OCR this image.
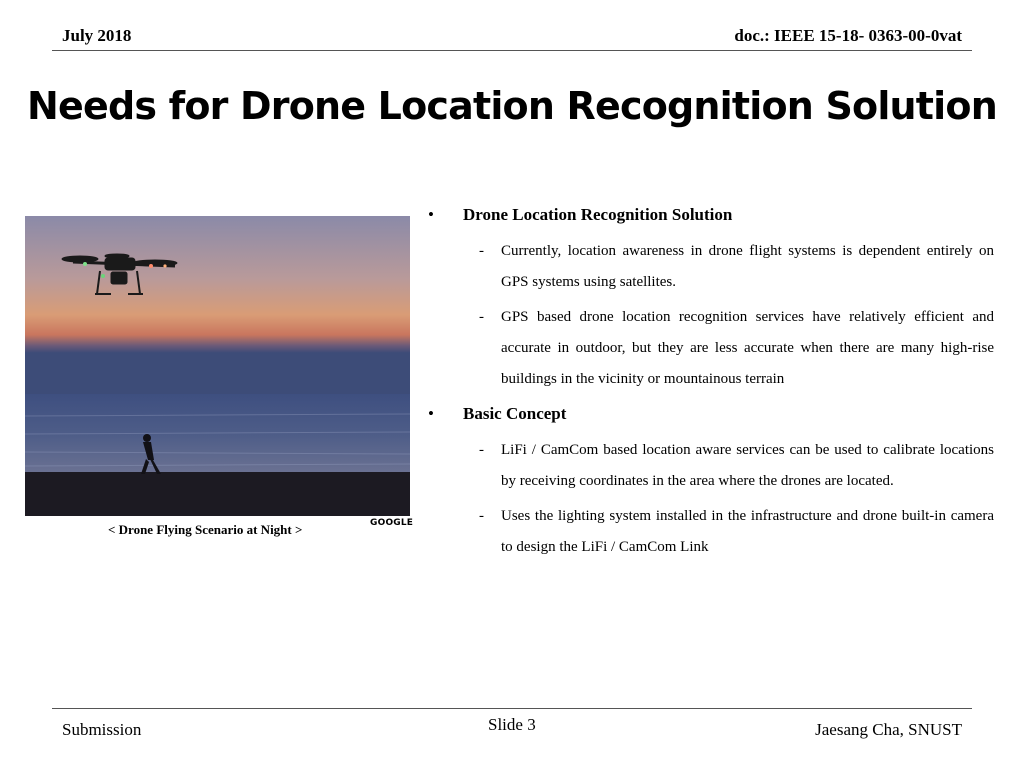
July 2018	doc.: IEEE 15-18- 0363-00-0vat
Needs for Drone Location Recognition Solution
< Drone Flying Scenario at Night >	GOOGLE
• Drone Location Recognition Solution
- Currently, location awareness in drone flight systems is dependent entirely on GPS systems using satellites.
- GPS based drone location recognition services have relatively efficient and accurate in outdoor, but they are less accurate when there are many high-rise buildings in the vicinity or mountainous terrain
• Basic Concept
- LiFi / CamCom based location aware services can be used to calibrate locations by receiving coordinates in the area where the drones are located.
- Uses the lighting system installed in the infrastructure and drone built-in camera to design the LiFi / CamCom Link
Submission	Slide 3	Jaesang Cha, SNUST
